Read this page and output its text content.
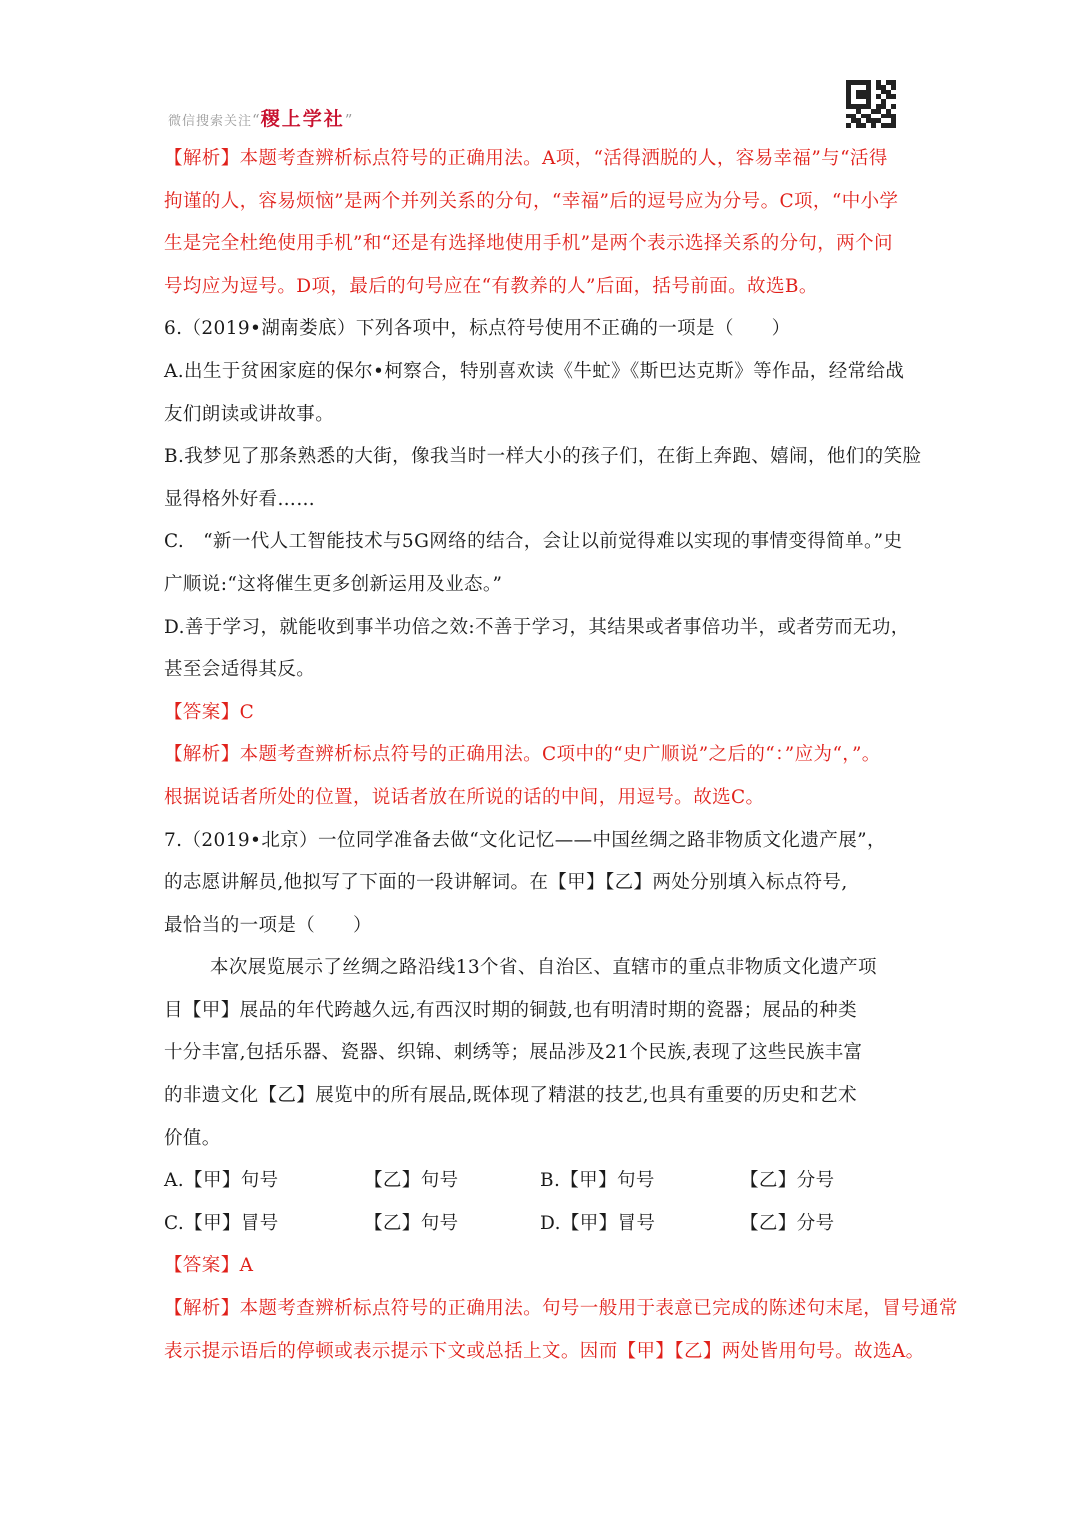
微信搜索关注“稷上学社”
【解析】本题考查辨析标点符号的正确用法。A项，“活得洒脱的人，容易幸福”与“活得
拘谨的人，容易烦恼”是两个并列关系的分句，“幸福”后的逗号应为分号。C项，“中小学
生是完全杜绝使用手机”和“还是有选择地使用手机”是两个表示选择关系的分句，两个问
号均应为逗号。D项，最后的句号应在“有教养的人”后面，括号前面。故选B。
6.（2019•湖南娄底）下列各项中，标点符号使用不正确的一项是（　　）
A.出生于贫困家庭的保尔•柯察合，特别喜欢读《牛虻》《斯巴达克斯》等作品，经常给战
友们朗读或讲故事。
B.我梦见了那条熟悉的大街，像我当时一样大小的孩子们，在街上奔跑、嬉闹，他们的笑脸
显得格外好看……
C.　“新一代人工智能技术与5G网络的结合，会让以前觉得难以实现的事情变得简单。”史
广顺说:“这将催生更多创新运用及业态。”
D.善于学习，就能收到事半功倍之效:不善于学习，其结果或者事倍功半，或者劳而无功，
甚至会适得其反。
【答案】C
【解析】本题考查辨析标点符号的正确用法。C项中的“史广顺说”之后的“：”应为“，”。
根据说话者所处的位置，说话者放在所说的话的中间，用逗号。故选C。
7.（2019•北京）一位同学准备去做“文化记忆——中国丝绸之路非物质文化遗产展”，
的志愿讲解员,他拟写了下面的一段讲解词。在【甲】【乙】两处分别填入标点符号,
最恰当的一项是（　　）
本次展览展示了丝绸之路沿线13个省、自治区、直辖市的重点非物质文化遗产项
目【甲】展品的年代跨越久远,有西汉时期的铜鼓,也有明清时期的瓷器；展品的种类
十分丰富,包括乐器、瓷器、织锦、刺绣等；展品涉及21个民族,表现了这些民族丰富
的非遗文化【乙】展览中的所有展品,既体现了精湛的技艺,也具有重要的历史和艺术
价值。
A.【甲】句号	【乙】句号	B.【甲】句号	【乙】分号
C.【甲】冒号	【乙】句号	D.【甲】冒号	【乙】分号
【答案】A
【解析】本题考查辨析标点符号的正确用法。句号一般用于表意已完成的陈述句末尾，冒号通常
表示提示语后的停顿或表示提示下文或总括上文。因而【甲】【乙】两处皆用句号。故选A。
